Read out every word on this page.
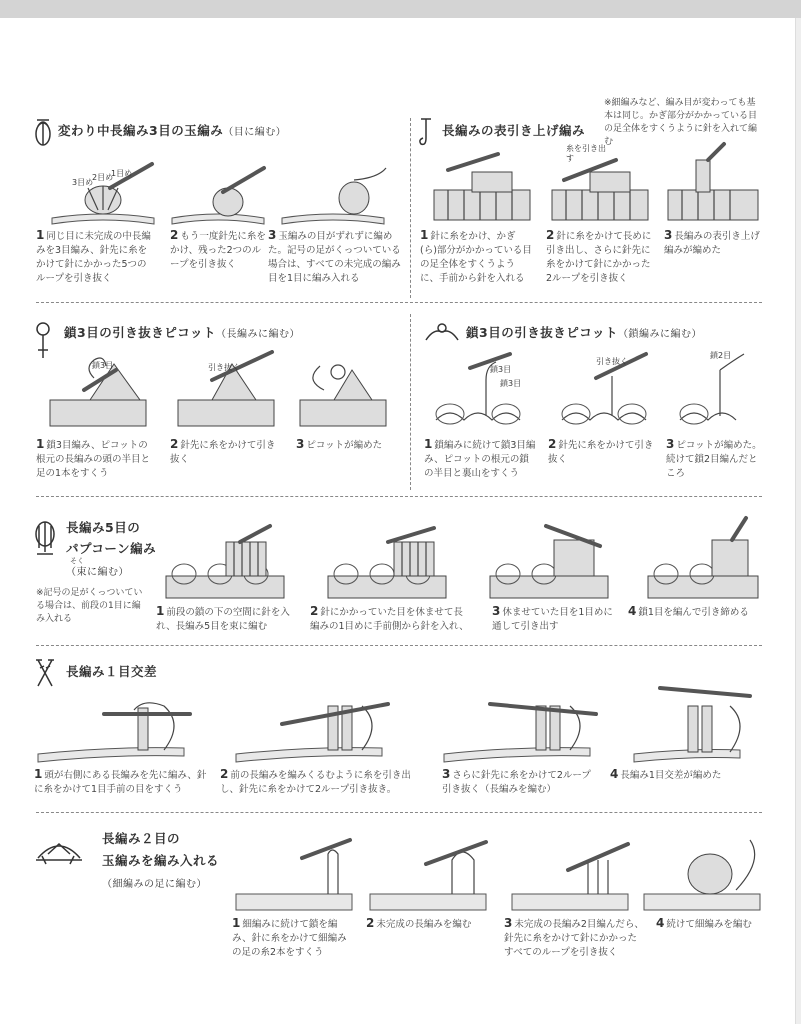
変わり中長編み3目の玉編み（目に編む）
3目め
2目め
1目め
1 同じ目に未完成の中長編みを3目編み、針先に糸をかけて針にかかった5つのループを引き抜く
2 もう一度針先に糸をかけ、残った2つのループを引き抜く
3 玉編みの目がずれずに編めた。記号の足がくっついている場合は、すべての未完成の編み目を1目に編み入れる
長編みの表引き上げ編み
※細編みなど、編み目が変わっても基本は同じ。かぎ部分がかかっている目の足全体をすくうように針を入れて編む
糸を引き出す
1 針に糸をかけ、かぎ(ら)部分がかかっている目の足全体をすくうように、手前から針を入れる
2 針に糸をかけて長めに引き出し、さらに針先に糸をかけて針にかかった2ループを引き抜く
3 長編みの表引き上げ編みが編めた
鎖3目の引き抜きピコット（長編みに編む）
鎖3目	引き抜く
1 鎖3目編み、ピコットの根元の長編みの頭の半目と足の1本をすくう
2 針先に糸をかけて引き抜く
3 ピコットが編めた
鎖3目の引き抜きピコット（鎖編みに編む）
鎖3目
鎖3目
引き抜く
鎖2目
1 鎖編みに続けて鎖3目編み、ピコットの根元の鎖の半目と裏山をすくう
2 針先に糸をかけて引き抜く
3 ピコットが編めた。続けて鎖2目編んだところ
長編み5目の
パプコーン編み
そく
（束に編む）
※記号の足がくっついている場合は、前段の1目に編み入れる
1 前段の鎖の下の空間に針を入れ、長編み5目を束に編む
2 針にかかっていた目を休ませて長編みの1目めに手前側から針を入れ、
3 休ませていた目を1目めに通して引き出す
4 鎖1目を編んで引き締める
長編み１目交差
1 頭が右側にある長編みを先に編み、針に糸をかけて1目手前の目をすくう
2 前の長編みを編みくるむように糸を引き出し、針先に糸をかけて2ループ引き抜き。
3 さらに針先に糸をかけて2ループ引き抜く（長編みを編む）
4 長編み1目交差が編めた
長編み２目の
玉編みを編み入れる
（細編みの足に編む）
1 細編みに続けて鎖を編み、針に糸をかけて細編みの足の糸2本をすくう
2 未完成の長編みを編む	3 未完成の長編み2目編んだら、針先に糸をかけて針にかかったすべてのループを引き抜く
4 続けて細編みを編む
